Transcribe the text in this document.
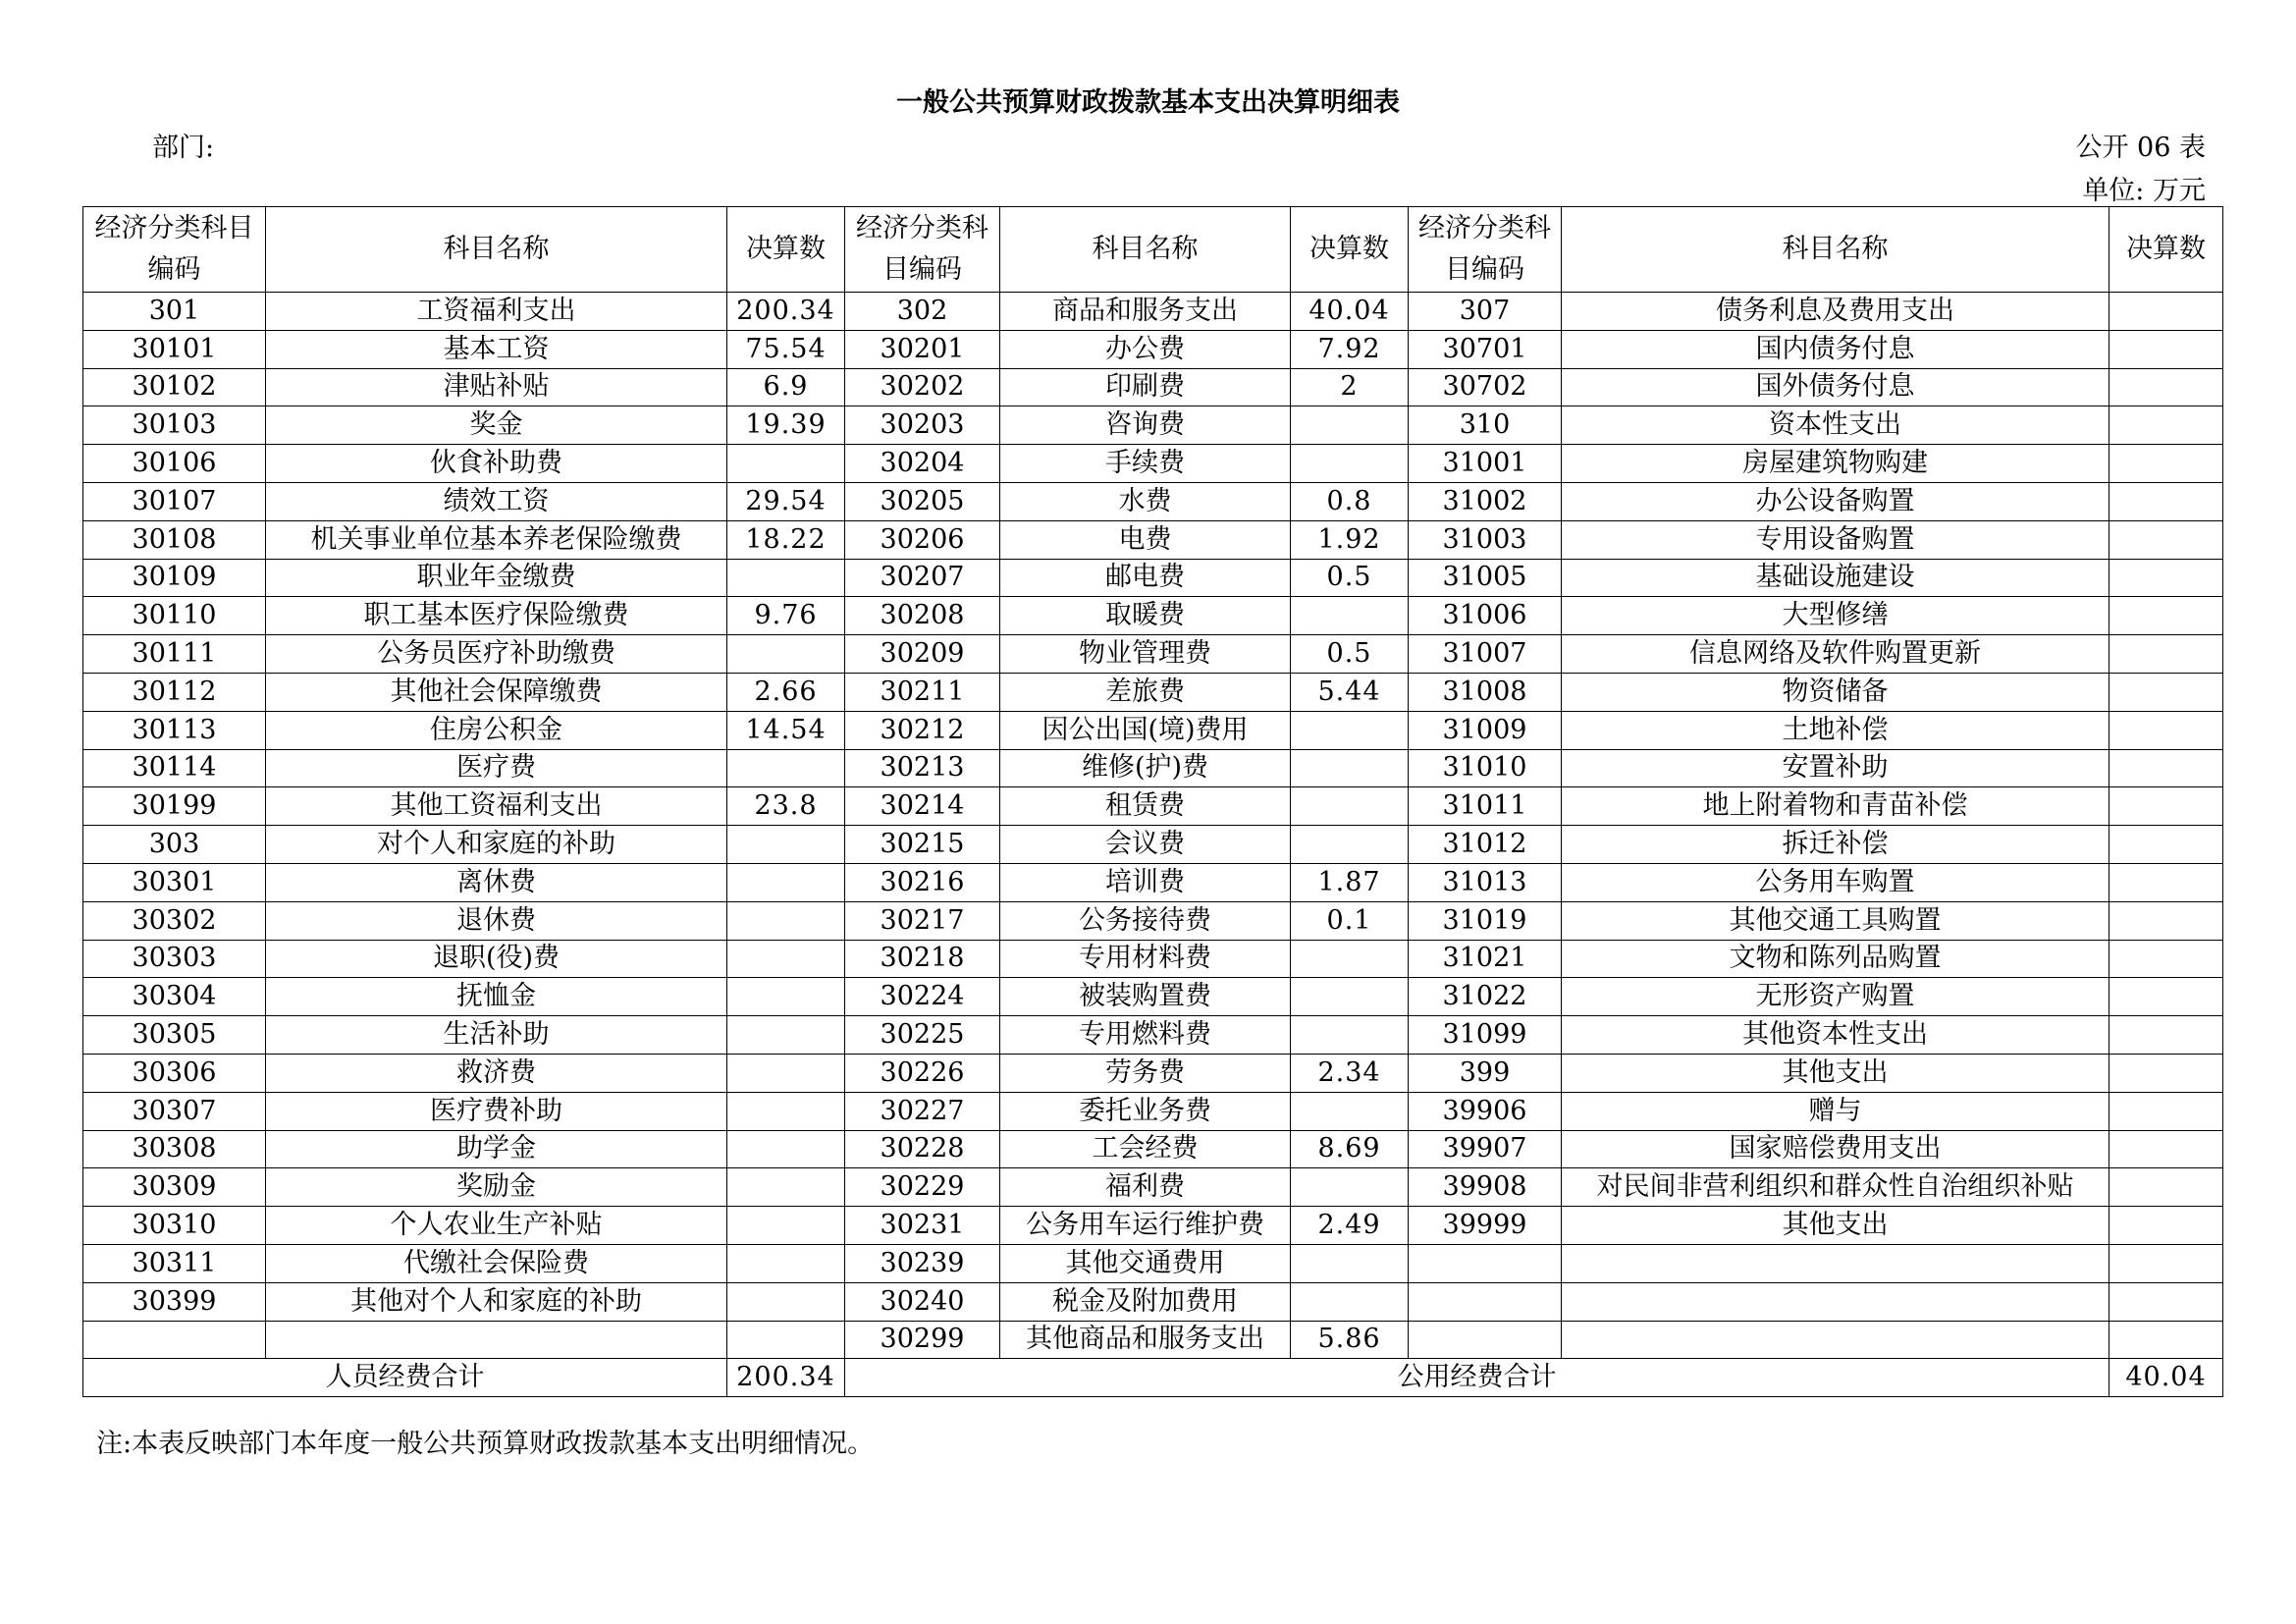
一般公共预算财政拨款基本支出决算明细表
部门:	公开 06 表
单位: 万元
经济分类科目编码	科目名称	决算数	经济分类科目编码	科目名称	决算数	经济分类科目编码	科目名称	决算数
301	工资福利支出	200.34	302	商品和服务支出	40.04	307	债务利息及费用支出	
30101	基本工资	75.54	30201	办公费	7.92	30701	国内债务付息	
30102	津贴补贴	6.9	30202	印刷费	2	30702	国外债务付息	
30103	奖金	19.39	30203	咨询费		310	资本性支出	
30106	伙食补助费		30204	手续费		31001	房屋建筑物购建	
30107	绩效工资	29.54	30205	水费	0.8	31002	办公设备购置	
30108	机关事业单位基本养老保险缴费	18.22	30206	电费	1.92	31003	专用设备购置	
30109	职业年金缴费		30207	邮电费	0.5	31005	基础设施建设	
30110	职工基本医疗保险缴费	9.76	30208	取暖费		31006	大型修缮	
30111	公务员医疗补助缴费		30209	物业管理费	0.5	31007	信息网络及软件购置更新	
30112	其他社会保障缴费	2.66	30211	差旅费	5.44	31008	物资储备	
30113	住房公积金	14.54	30212	因公出国(境)费用		31009	土地补偿	
30114	医疗费		30213	维修(护)费		31010	安置补助	
30199	其他工资福利支出	23.8	30214	租赁费		31011	地上附着物和青苗补偿	
303	对个人和家庭的补助		30215	会议费		31012	拆迁补偿	
30301	离休费		30216	培训费	1.87	31013	公务用车购置	
30302	退休费		30217	公务接待费	0.1	31019	其他交通工具购置	
30303	退职(役)费		30218	专用材料费		31021	文物和陈列品购置	
30304	抚恤金		30224	被装购置费		31022	无形资产购置	
30305	生活补助		30225	专用燃料费		31099	其他资本性支出	
30306	救济费		30226	劳务费	2.34	399	其他支出	
30307	医疗费补助		30227	委托业务费		39906	赠与	
30308	助学金		30228	工会经费	8.69	39907	国家赔偿费用支出	
30309	奖励金		30229	福利费		39908	对民间非营利组织和群众性自治组织补贴	
30310	个人农业生产补贴		30231	公务用车运行维护费	2.49	39999	其他支出	
30311	代缴社会保险费		30239	其他交通费用				
30399	其他对个人和家庭的补助		30240	税金及附加费用				
			30299	其他商品和服务支出	5.86			
人员经费合计		200.34	公用经费合计					40.04
注:本表反映部门本年度一般公共预算财政拨款基本支出明细情况。
